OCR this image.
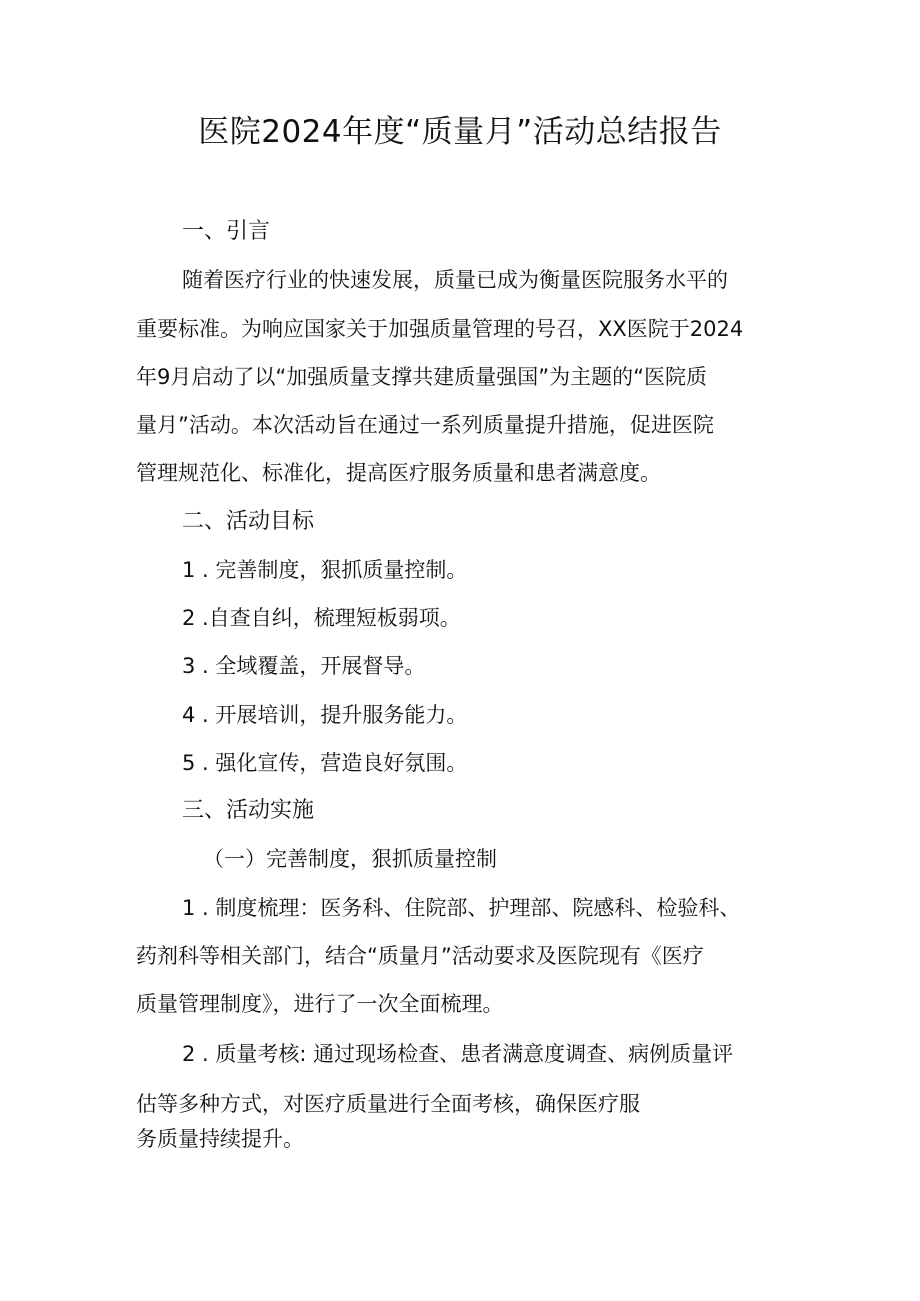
医院2024年度“质量月”活动总结报告

一、引言

随着医疗行业的快速发展，质量已成为衡量医院服务水平的

重要标准。为响应国家关于加强质量管理的号召，XX医院于2024

年9月启动了以“加强质量支撑共建质量强国”为主题的“医院质

量月”活动。本次活动旨在通过一系列质量提升措施，促进医院

管理规范化、标准化，提高医疗服务质量和患者满意度。

二、活动目标

1 . 完善制度，狠抓质量控制。

2 .自查自纠，梳理短板弱项。

3 . 全域覆盖，开展督导。

4 . 开展培训，提升服务能力。

5 . 强化宣传，营造良好氛围。

三、活动实施

（一）完善制度，狠抓质量控制

1 . 制度梳理：医务科、住院部、护理部、院感科、检验科、

药剂科等相关部门，结合“质量月”活动要求及医院现有《医疗

质量管理制度》，进行了一次全面梳理。

2 . 质量考核: 通过现场检查、患者满意度调查、病例质量评

估等多种方式，对医疗质量进行全面考核，确保医疗服

务质量持续提升。
